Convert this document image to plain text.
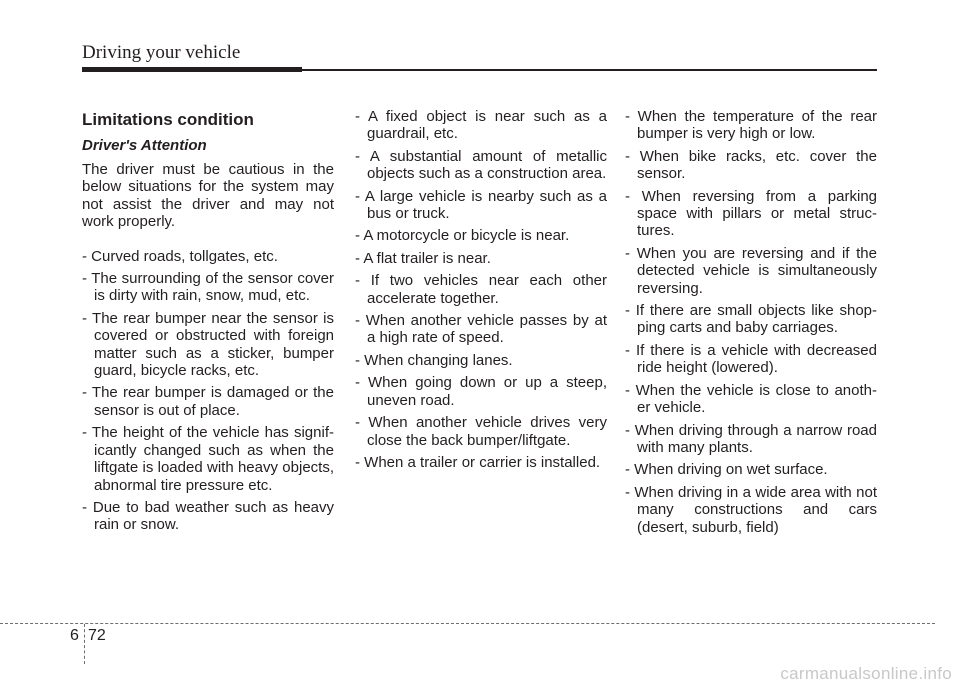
Driving your vehicle
Limitations condition
Driver's Attention

The driver must be cautious in the below situations for the system may not assist the driver and may not work properly.

- Curved roads, tollgates, etc.
- The surrounding of the sensor cover is dirty with rain, snow, mud, etc.
- The rear bumper near the sensor is covered or obstructed with foreign matter such as a sticker, bumper guard, bicycle racks, etc.
- The rear bumper is damaged or the sensor is out of place.
- The height of the vehicle has signif-icantly changed such as when the liftgate is loaded with heavy objects, abnormal tire pressure etc.
- Due to bad weather such as heavy rain or snow.
- A fixed object is near such as a guardrail, etc.
- A substantial amount of metallic objects such as a construction area.
- A large vehicle is nearby such as a bus or truck.
- A motorcycle or bicycle is near.
- A flat trailer is near.
- If two vehicles near each other accelerate together.
- When another vehicle passes by at a high rate of speed.
- When changing lanes.
- When going down or up a steep, uneven road.
- When another vehicle drives very close the back bumper/liftgate.
- When a trailer or carrier is installed.
- When the temperature of the rear bumper is very high or low.
- When bike racks, etc. cover the sensor.
- When reversing from a parking space with pillars or metal struc-tures.
- When you are reversing and if the detected vehicle is simultaneously reversing.
- If there are small objects like shop-ping carts and baby carriages.
- If there is a vehicle with decreased ride height (lowered).
- When the vehicle is close to anoth-er vehicle.
- When driving through a narrow road with many plants.
- When driving on wet surface.
- When driving in a wide area with not many constructions and cars (desert, suburb, field)
6 72
carmanualsonline.info
